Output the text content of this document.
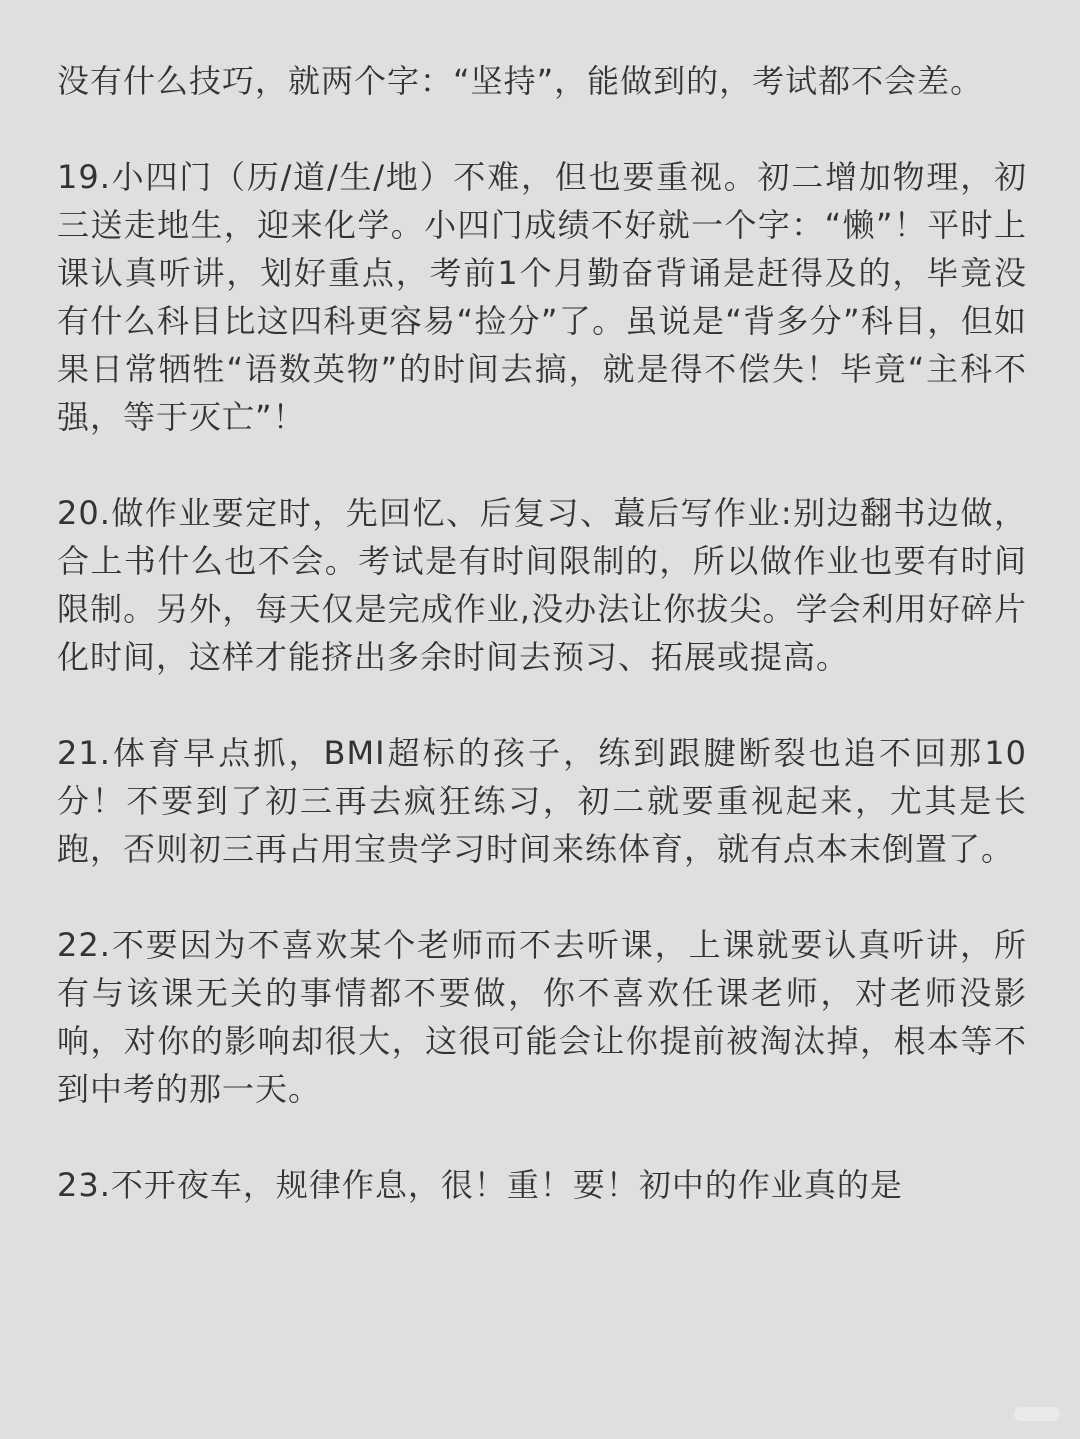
没有什么技巧，就两个字：“坚持”，能做到的，考试都不会差。

19.小四门（历/道/生/地）不难，但也要重视。初二增加物理，初三送走地生，迎来化学。小四门成绩不好就一个字：“懒”！平时上课认真听讲，划好重点，考前1个月勤奋背诵是赶得及的，毕竟没有什么科目比这四科更容易“捡分”了。虽说是“背多分”科目，但如果日常牺牲“语数英物”的时间去搞，就是得不偿失！毕竟“主科不强，等于灭亡”！

20.做作业要定时，先回忆、后复习、蕞后写作业:别边翻书边做，合上书什么也不会。考试是有时间限制的，所以做作业也要有时间限制。另外，每天仅是完成作业,没办法让你拔尖。学会利用好碎片化时间，这样才能挤出多余时间去预习、拓展或提高。

21.体育早点抓，BMI超标的孩子，练到跟腱断裂也追不回那10分！不要到了初三再去疯狂练习，初二就要重视起来，尤其是长跑，否则初三再占用宝贵学习时间来练体育，就有点本末倒置了。

22.不要因为不喜欢某个老师而不去听课，上课就要认真听讲，所有与该课无关的事情都不要做，你不喜欢任课老师，对老师没影响，对你的影响却很大，这很可能会让你提前被淘汰掉，根本等不到中考的那一天。

23.不开夜车，规律作息，很！重！要！初中的作业真的是
